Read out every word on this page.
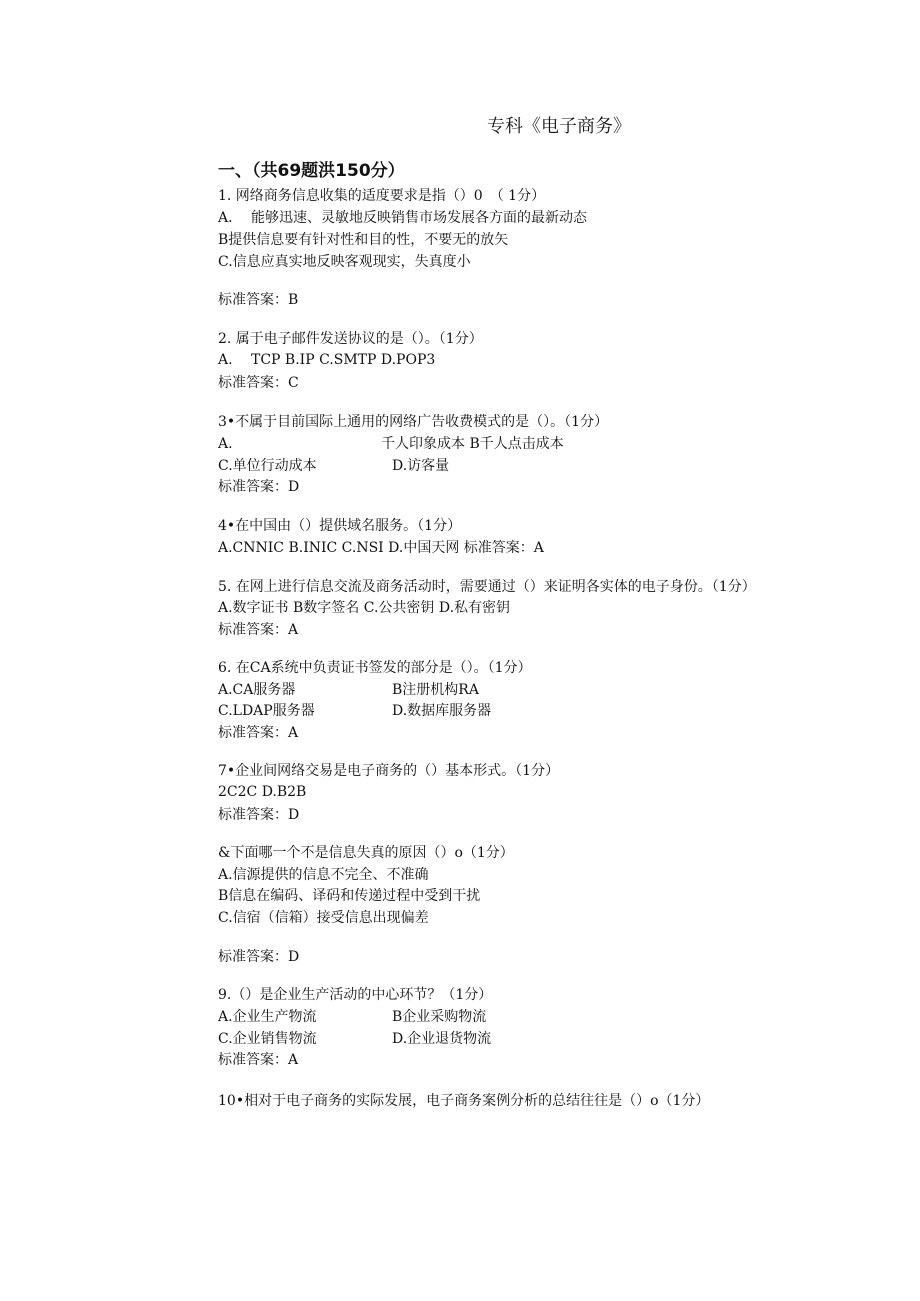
专科《电子商务》
一、（共69题洪150分）
1. 网络商务信息收集的适度要求是指（）0　（ 1分）
A.　 能够迅速、灵敏地反映销售市场发展各方面的最新动态
B提供信息要有针对性和目的性，不要无的放矢
C.信息应真实地反映客观现实，失真度小
标准答案：B
2. 属于电子邮件发送协议的是（）。（1分）
A.　 TCP B.IP C.SMTP D.POP3
标准答案：C
3•不属于目前国际上通用的网络广告收费模式的是（）。（1分）
A.	千人印象成本 B千人点击成本
C.单位行动成本	D.访客量
标准答案：D
4•在中国由（）提供域名服务。（1分）
A.CNNIC B.INIC C.NSI D.中国天网 标准答案：A
5. 在网上进行信息交流及商务活动时，需要通过（）来证明各实体的电子身份。（1分）
A.数字证书 B数字签名 C.公共密钥 D.私有密钥
标准答案：A
6. 在CA系统中负责证书签发的部分是（）。（1分）
A.CA服务器	B注册机构RA
C.LDAP服务器	D.数据库服务器
标准答案：A
7•企业间网络交易是电子商务的（）基本形式。（1分）
2C2C D.B2B
标准答案：D
&下面哪一个不是信息失真的原因（）o（1分）
A.信源提供的信息不完全、不准确
B信息在编码、译码和传递过程中受到干扰
C.信宿（信箱）接受信息出现偏差
标准答案：D
9.（）是企业生产活动的中心环节？（1分）
A.企业生产物流	B企业采购物流
C.企业销售物流	D.企业退货物流
标准答案：A
10•相对于电子商务的实际发展，电子商务案例分析的总结往往是（）o（1分）
